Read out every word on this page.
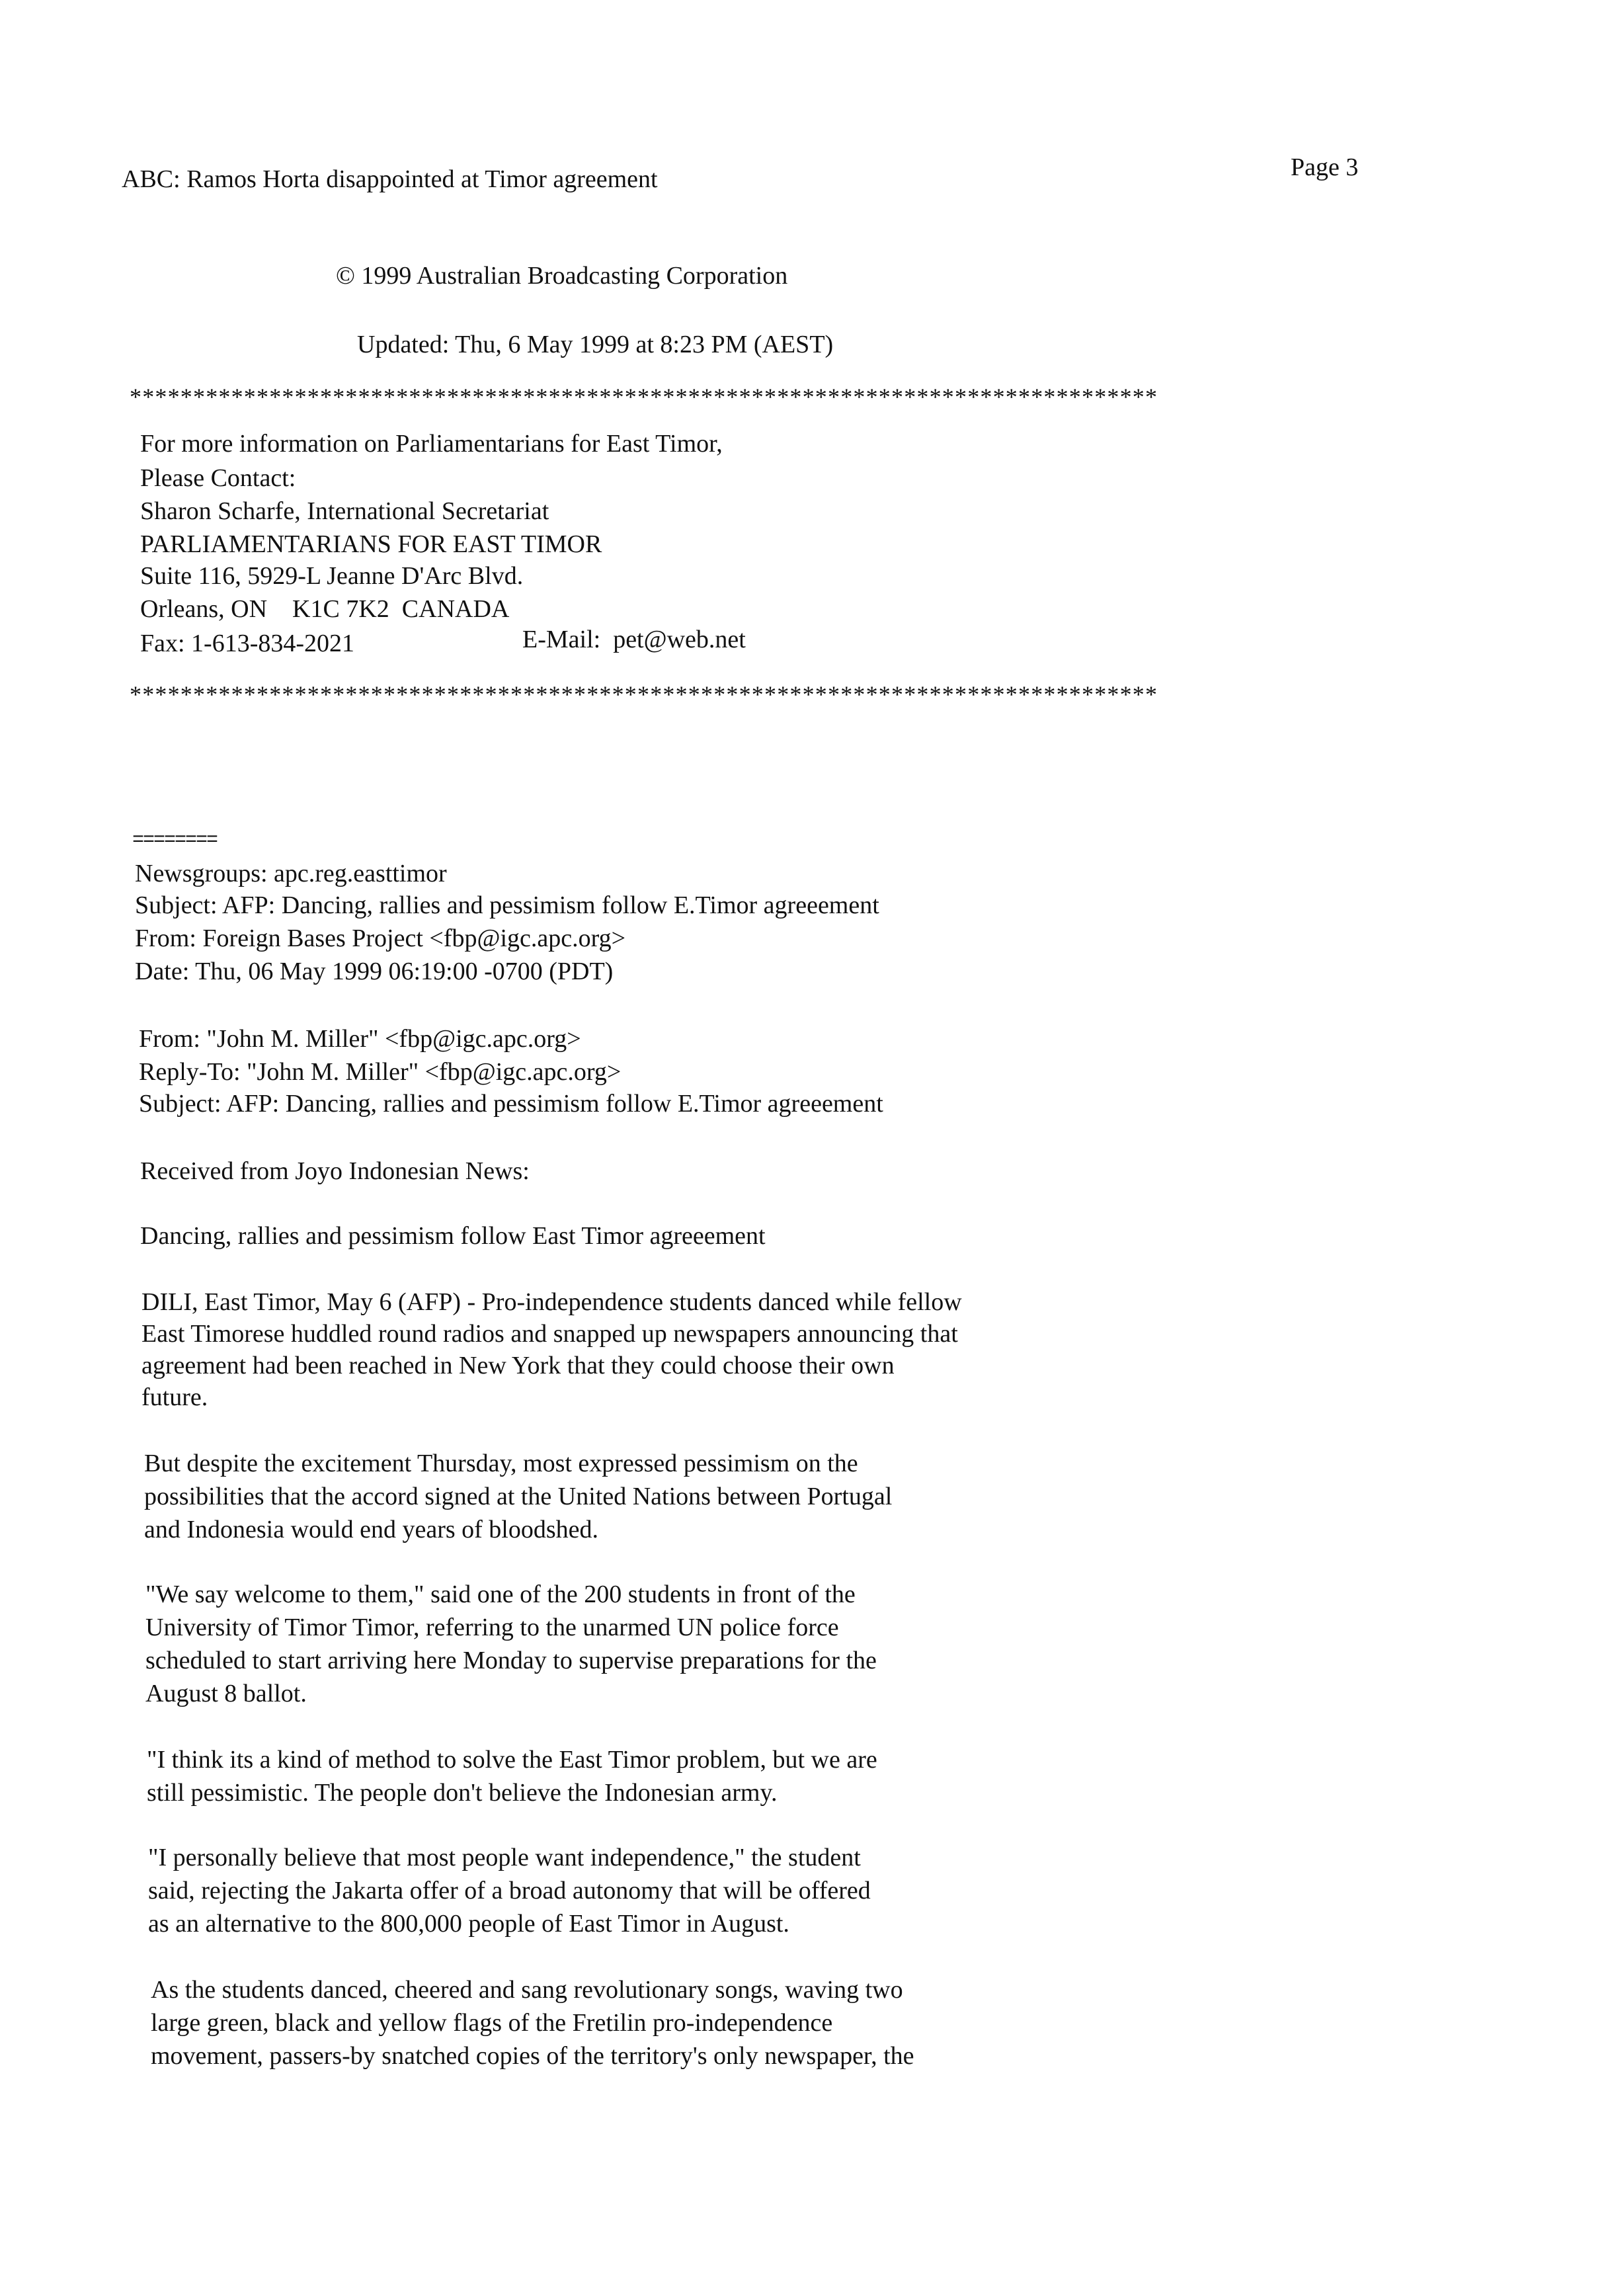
ABC: Ramos Horta disappointed at Timor agreement	Page 3
© 1999 Australian Broadcasting Corporation
Updated: Thu, 6 May 1999 at 8:23 PM (AEST)
*********************************************************************************
For more information on Parliamentarians for East Timor,
Please Contact:
Sharon Scharfe, International Secretariat
PARLIAMENTARIANS FOR EAST TIMOR
Suite 116, 5929-L Jeanne D'Arc Blvd.
Orleans, ON    K1C 7K2  CANADA
Fax: 1-613-834-2021	E-Mail:  pet@web.net
*********************************************************************************
========
Newsgroups: apc.reg.easttimor
Subject: AFP: Dancing, rallies and pessimism follow E.Timor agreeement
From: Foreign Bases Project <fbp@igc.apc.org>
Date: Thu, 06 May 1999 06:19:00 -0700 (PDT)
From: "John M. Miller" <fbp@igc.apc.org>
Reply-To: "John M. Miller" <fbp@igc.apc.org>
Subject: AFP: Dancing, rallies and pessimism follow E.Timor agreeement
Received from Joyo Indonesian News:
Dancing, rallies and pessimism follow East Timor agreeement
DILI, East Timor, May 6 (AFP) - Pro-independence students danced while fellow
East Timorese huddled round radios and snapped up newspapers announcing that
agreement had been reached in New York that they could choose their own
future.
But despite the excitement Thursday, most expressed pessimism on the
possibilities that the accord signed at the United Nations between Portugal
and Indonesia would end years of bloodshed.
"We say welcome to them," said one of the 200 students in front of the
University of Timor Timor, referring to the unarmed UN police force
scheduled to start arriving here Monday to supervise preparations for the
August 8 ballot.
"I think its a kind of method to solve the East Timor problem, but we are
still pessimistic. The people don't believe the Indonesian army.
"I personally believe that most people want independence," the student
said, rejecting the Jakarta offer of a broad autonomy that will be offered
as an alternative to the 800,000 people of East Timor in August.
As the students danced, cheered and sang revolutionary songs, waving two
large green, black and yellow flags of the Fretilin pro-independence
movement, passers-by snatched copies of the territory's only newspaper, the
